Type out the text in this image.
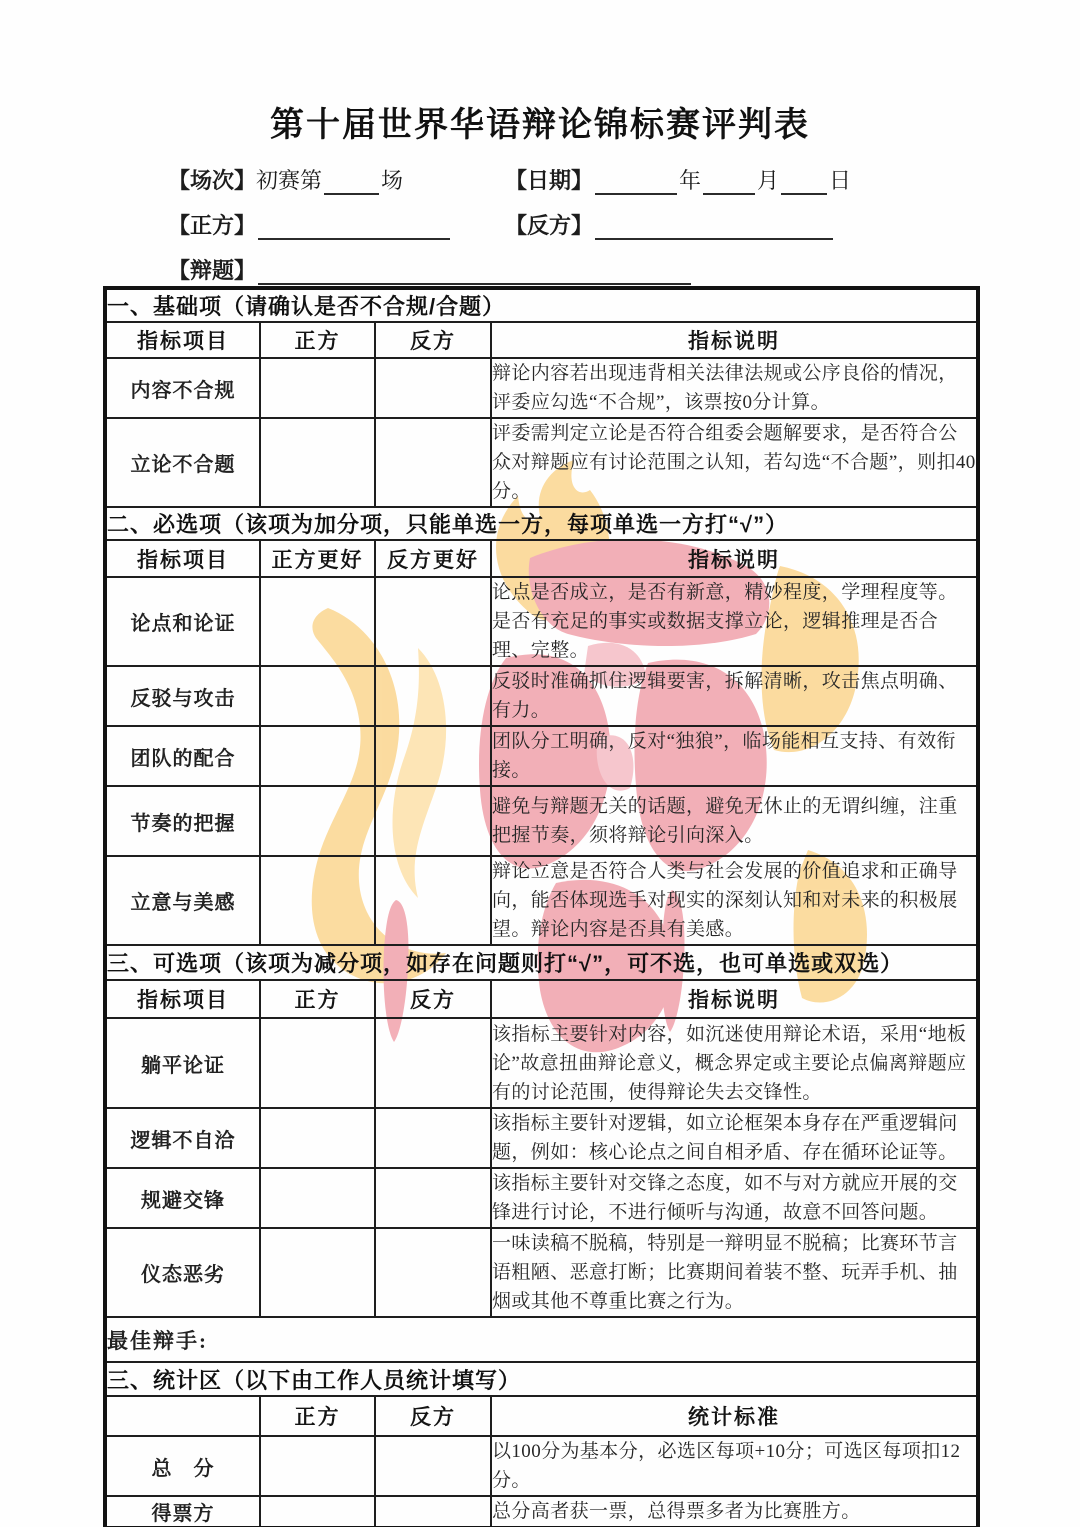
第十届世界华语辩论锦标赛评判表
【场次】初赛第	场	【日期】	年	月 日
【正方】	【反方】
【辩题】
一、基础项（请确认是否不合规/合题）			
指标项目	正方	反方	指标说明
内容不合规			辩论内容若出现违背相关法律法规或公序良俗的情况，评委应勾选“不合规”，该票按0分计算。
立论不合题			评委需判定立论是否符合组委会题解要求，是否符合公众对辩题应有讨论范围之认知，若勾选“不合题”，则扣40分。
二、必选项（该项为加分项，只能单选一方，每项单选一方打“√”）			
指标项目	正方更好	反方更好	指标说明
论点和论证			论点是否成立，是否有新意，精妙程度，学理程度等。是否有充足的事实或数据支撑立论，逻辑推理是否合理、完整。
反驳与攻击			反驳时准确抓住逻辑要害，拆解清晰，攻击焦点明确、有力。
团队的配合			团队分工明确，反对“独狼”，临场能相互支持、有效衔接。
节奏的把握			避免与辩题无关的话题，避免无休止的无谓纠缠，注重把握节奏，须将辩论引向深入。
立意与美感			辩论立意是否符合人类与社会发展的价值追求和正确导向，能否体现选手对现实的深刻认知和对未来的积极展望。辩论内容是否具有美感。
三、可选项（该项为减分项，如存在问题则打“√”，可不选，也可单选或双选）			
指标项目	正方	反方	指标说明
躺平论证			该指标主要针对内容，如沉迷使用辩论术语，采用“地板论”故意扭曲辩论意义，概念界定或主要论点偏离辩题应有的讨论范围，使得辩论失去交锋性。
逻辑不自洽			该指标主要针对逻辑，如立论框架本身存在严重逻辑问题，例如：核心论点之间自相矛盾、存在循环论证等。
规避交锋			该指标主要针对交锋之态度，如不与对方就应开展的交锋进行讨论，不进行倾听与沟通，故意不回答问题。
仪态恶劣			一味读稿不脱稿，特别是一辩明显不脱稿；比赛环节言语粗陋、恶意打断；比赛期间着装不整、玩弄手机、抽烟或其他不尊重比赛之行为。
最佳辩手:			
三、统计区（以下由工作人员统计填写）			
	正方	反方	统计标准
总　分			以100分为基本分，必选区每项+10分；可选区每项扣12分。
得票方			总分高者获一票，总得票多者为比赛胜方。
